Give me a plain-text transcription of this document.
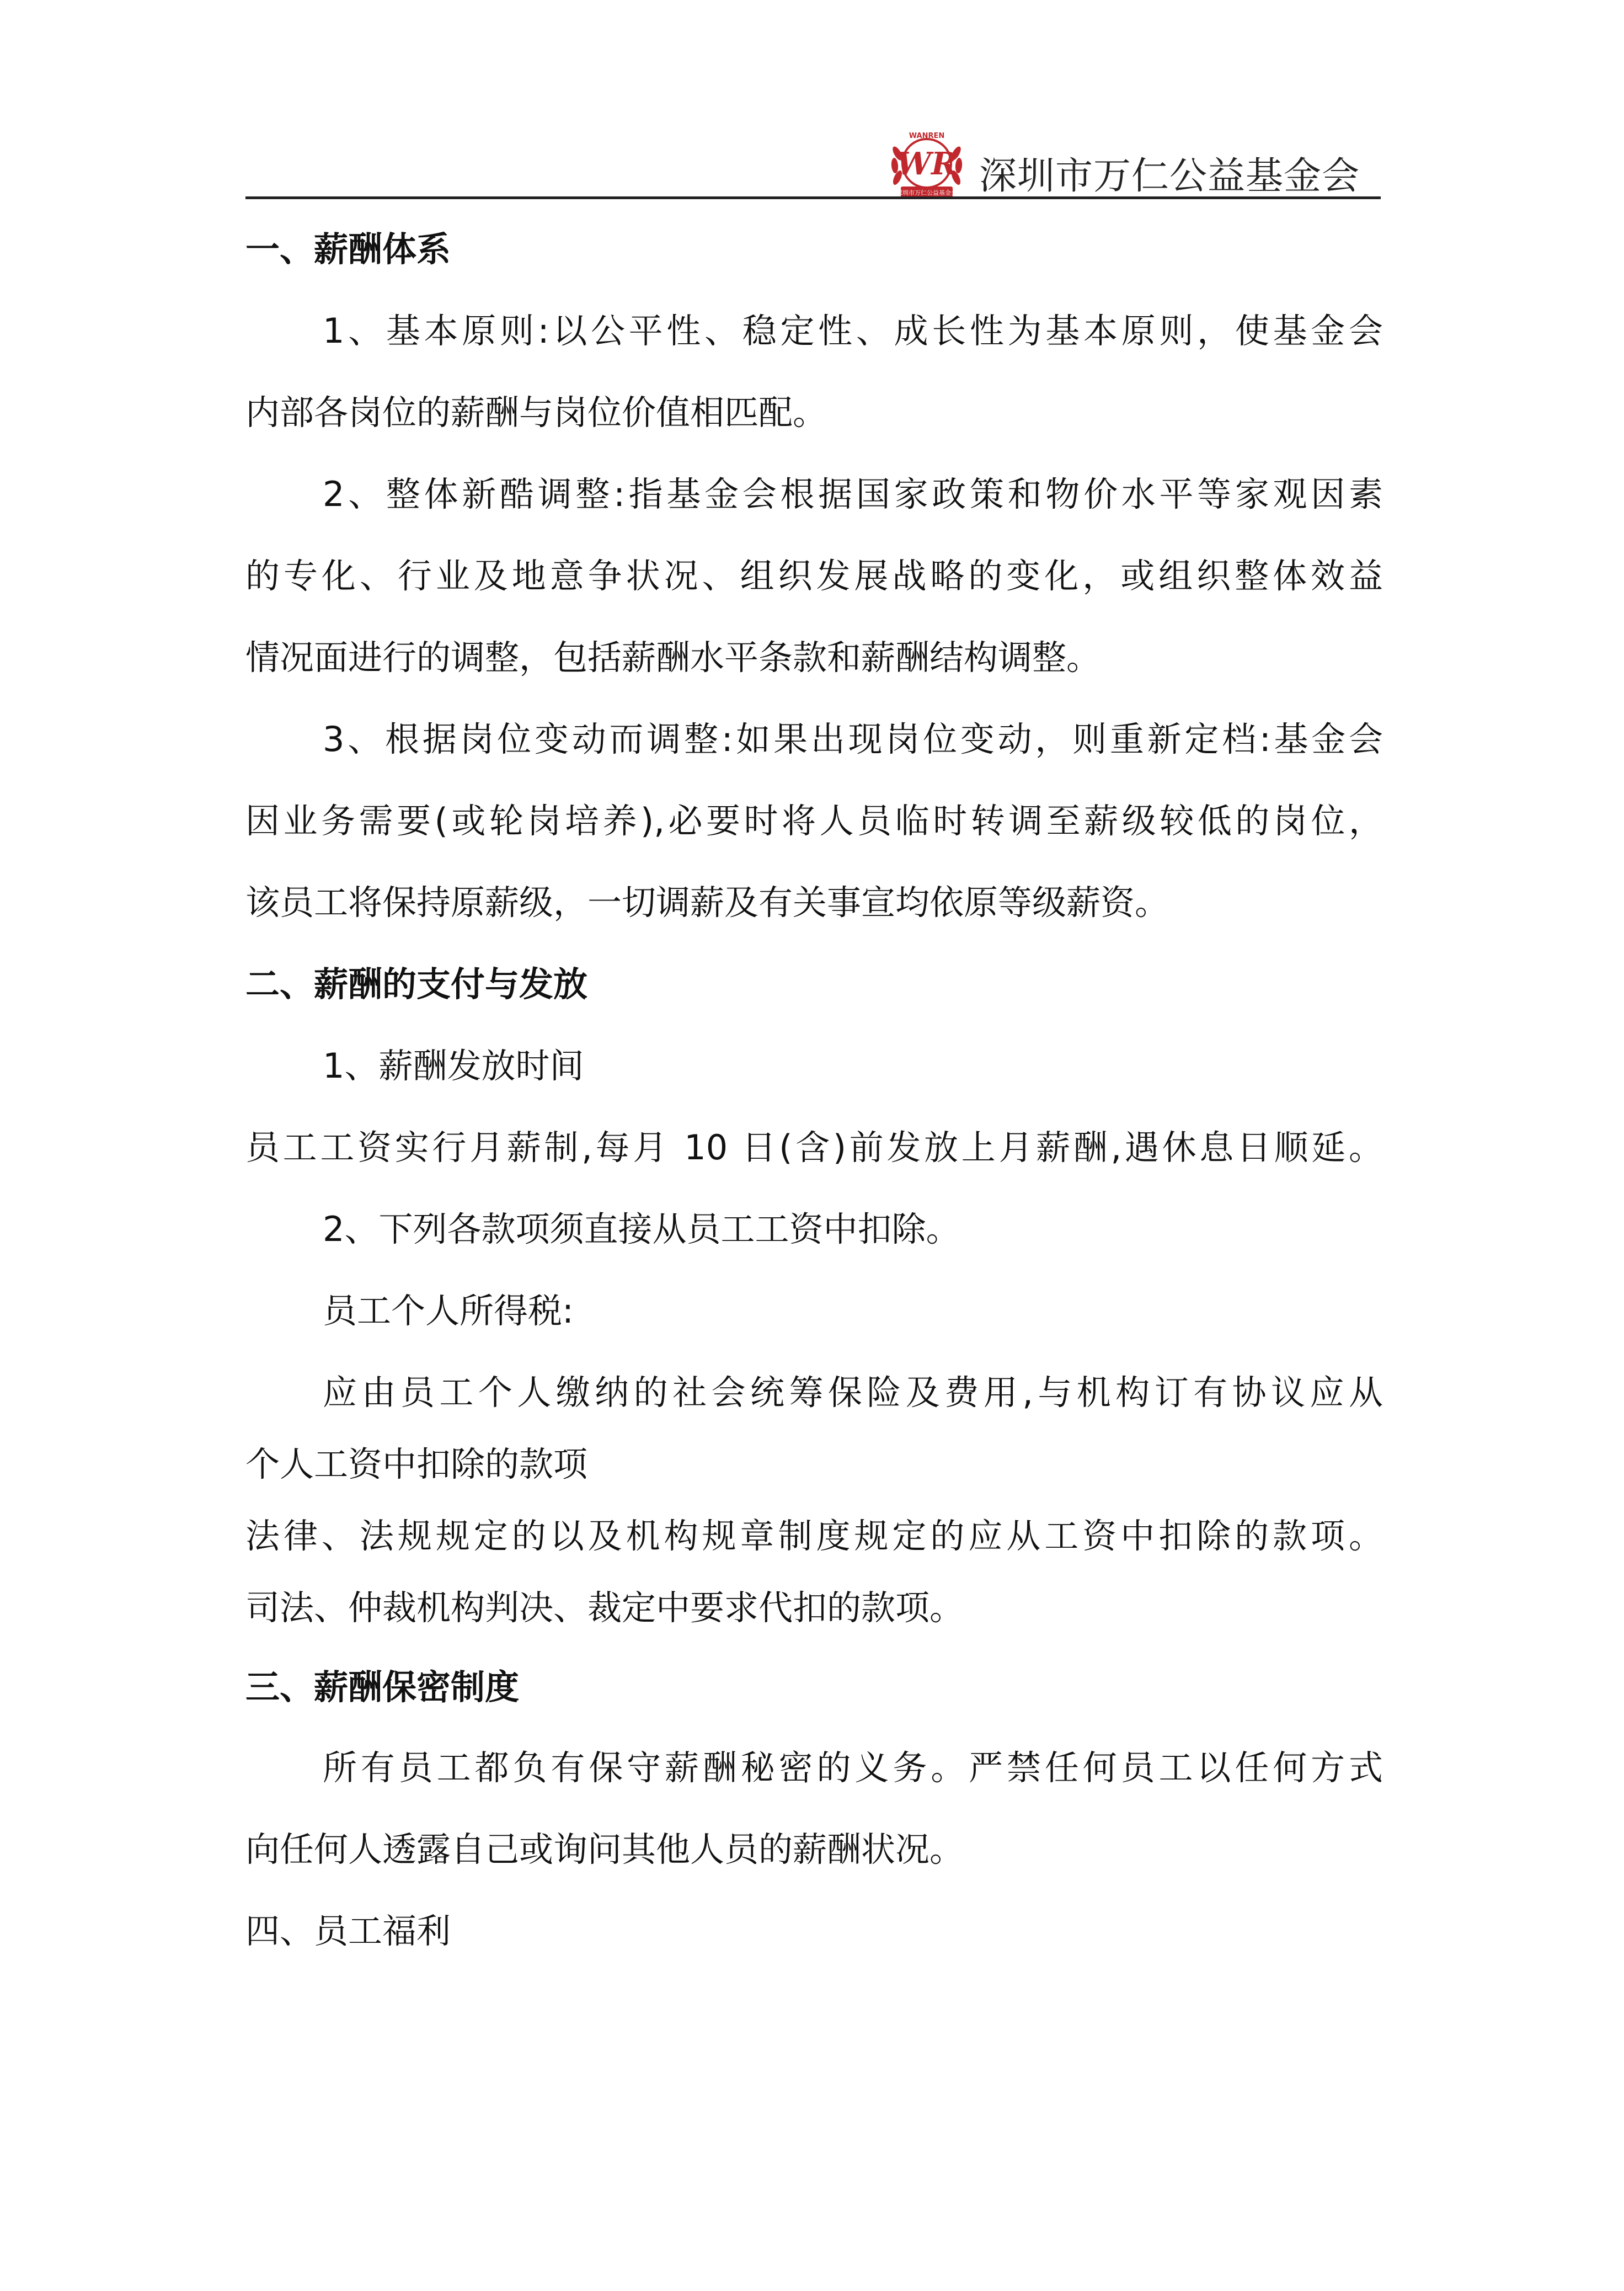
WANREN
WR
深圳市万仁公益基金会 深圳市万仁公益基金会
一、薪酬体系
1、基本原则:以公平性、稳定性、成长性为基本原则，使基金会
内部各岗位的薪酬与岗位价值相匹配。
2、整体新酷调整:指基金会根据国家政策和物价水平等家观因素
的专化、行业及地意争状况、组织发展战略的变化，或组织整体效益
情况面进行的调整，包括薪酬水平条款和薪酬结构调整。
3、根据岗位变动而调整:如果出现岗位变动，则重新定档:基金会
因业务需要(或轮岗培养),必要时将人员临时转调至薪级较低的岗位，
该员工将保持原薪级，一切调薪及有关事宣均依原等级薪资。
二、薪酬的支付与发放
1、薪酬发放时间
员工工资实行月薪制,每月 10 日(含)前发放上月薪酬,遇休息日顺延。
2、下列各款项须直接从员工工资中扣除。
员工个人所得税:
应由员工个人缴纳的社会统筹保险及费用,与机构订有协议应从
个人工资中扣除的款项
法律、法规规定的以及机构规章制度规定的应从工资中扣除的款项。
司法、仲裁机构判决、裁定中要求代扣的款项。
三、薪酬保密制度
所有员工都负有保守薪酬秘密的义务。严禁任何员工以任何方式
向任何人透露自己或询问其他人员的薪酬状况。
四、员工福利
